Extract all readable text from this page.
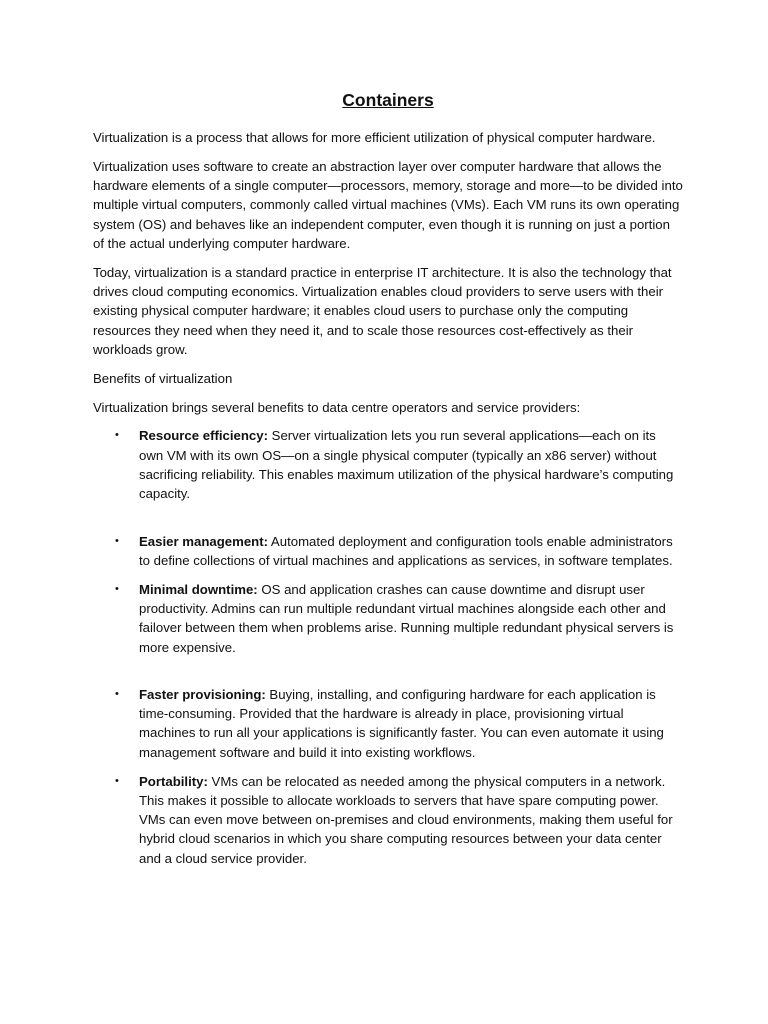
Containers

Virtualization is a process that allows for more efficient utilization of physical computer hardware.

Virtualization uses software to create an abstraction layer over computer hardware that allows the hardware elements of a single computer—processors, memory, storage and more—to be divided into multiple virtual computers, commonly called virtual machines (VMs). Each VM runs its own operating system (OS) and behaves like an independent computer, even though it is running on just a portion of the actual underlying computer hardware.

Today, virtualization is a standard practice in enterprise IT architecture. It is also the technology that drives cloud computing economics. Virtualization enables cloud providers to serve users with their existing physical computer hardware; it enables cloud users to purchase only the computing resources they need when they need it, and to scale those resources cost-effectively as their workloads grow.

Benefits of virtualization

Virtualization brings several benefits to data centre operators and service providers:

• Resource efficiency: Server virtualization lets you run several applications—each on its own VM with its own OS—on a single physical computer (typically an x86 server) without sacrificing reliability. This enables maximum utilization of the physical hardware’s computing capacity.
• Easier management: Automated deployment and configuration tools enable administrators to define collections of virtual machines and applications as services, in software templates.
• Minimal downtime: OS and application crashes can cause downtime and disrupt user productivity. Admins can run multiple redundant virtual machines alongside each other and failover between them when problems arise. Running multiple redundant physical servers is more expensive.
• Faster provisioning: Buying, installing, and configuring hardware for each application is time-consuming. Provided that the hardware is already in place, provisioning virtual machines to run all your applications is significantly faster. You can even automate it using management software and build it into existing workflows.
• Portability: VMs can be relocated as needed among the physical computers in a network. This makes it possible to allocate workloads to servers that have spare computing power. VMs can even move between on-premises and cloud environments, making them useful for hybrid cloud scenarios in which you share computing resources between your data center and a cloud service provider.
